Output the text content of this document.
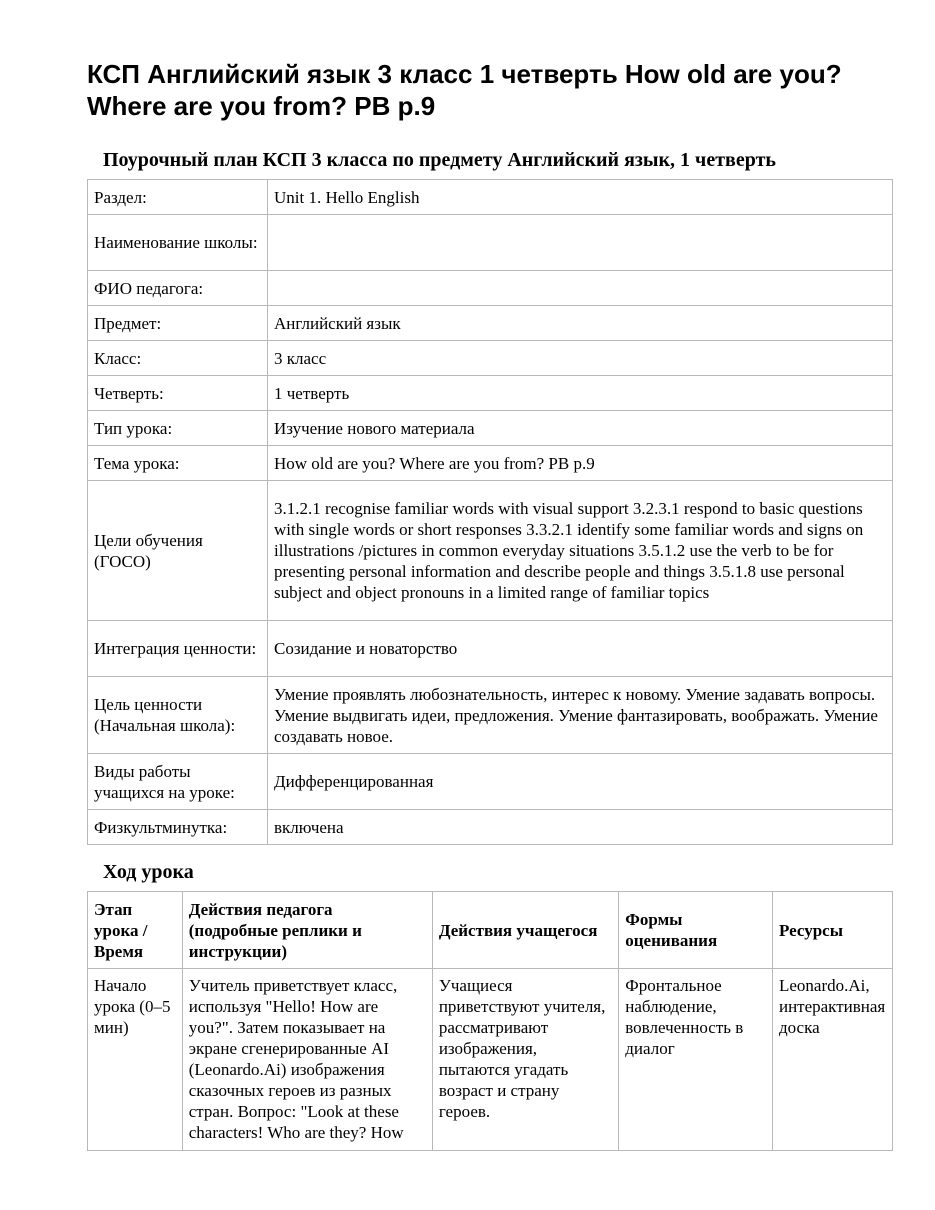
КСП Английский язык 3 класс 1 четверть How old are you? Where are you from? PB p.9
Поурочный план КСП 3 класса по предмету Английский язык, 1 четверть
Раздел:	Unit 1. Hello English
Наименование школы:	
ФИО педагога:	
Предмет:	Английский язык
Класс:	3 класс
Четверть:	1 четверть
Тип урока:	Изучение нового материала
Тема урока:	How old are you? Where are you from? PB p.9
Цели обучения (ГОСО)	3.1.2.1 recognise familiar words with visual support 3.2.3.1 respond to basic questions with single words or short responses 3.3.2.1 identify some familiar words and signs on illustrations /pictures in common everyday situations 3.5.1.2 use the verb to be for presenting personal information and describe people and things 3.5.1.8 use personal subject and object pronouns in a limited range of familiar topics
Интеграция ценности:	Созидание и новаторство
Цель ценности (Начальная школа):	Умение проявлять любознательность, интерес к новому. Умение задавать вопросы. Умение выдвигать идеи, предложения. Умение фантазировать, воображать. Умение создавать новое.
Виды работы учащихся на уроке:	Дифференцированная
Физкультминутка:	включена
Ход урока
Этап урока / Время	Действия педагога (подробные реплики и инструкции)	Действия учащегося	Формы оценивания	Ресурсы
Начало урока (0–5 мин)	Учитель приветствует класс, используя "Hello! How are you?". Затем показывает на экране сгенерированные AI (Leonardo.Ai) изображения сказочных героев из разных стран. Вопрос: "Look at these characters! Who are they? How	Учащиеся приветствуют учителя, рассматривают изображения, пытаются угадать возраст и страну героев.	Фронтальное наблюдение, вовлеченность в диалог	Leonardo.Ai, интерактивная доска
